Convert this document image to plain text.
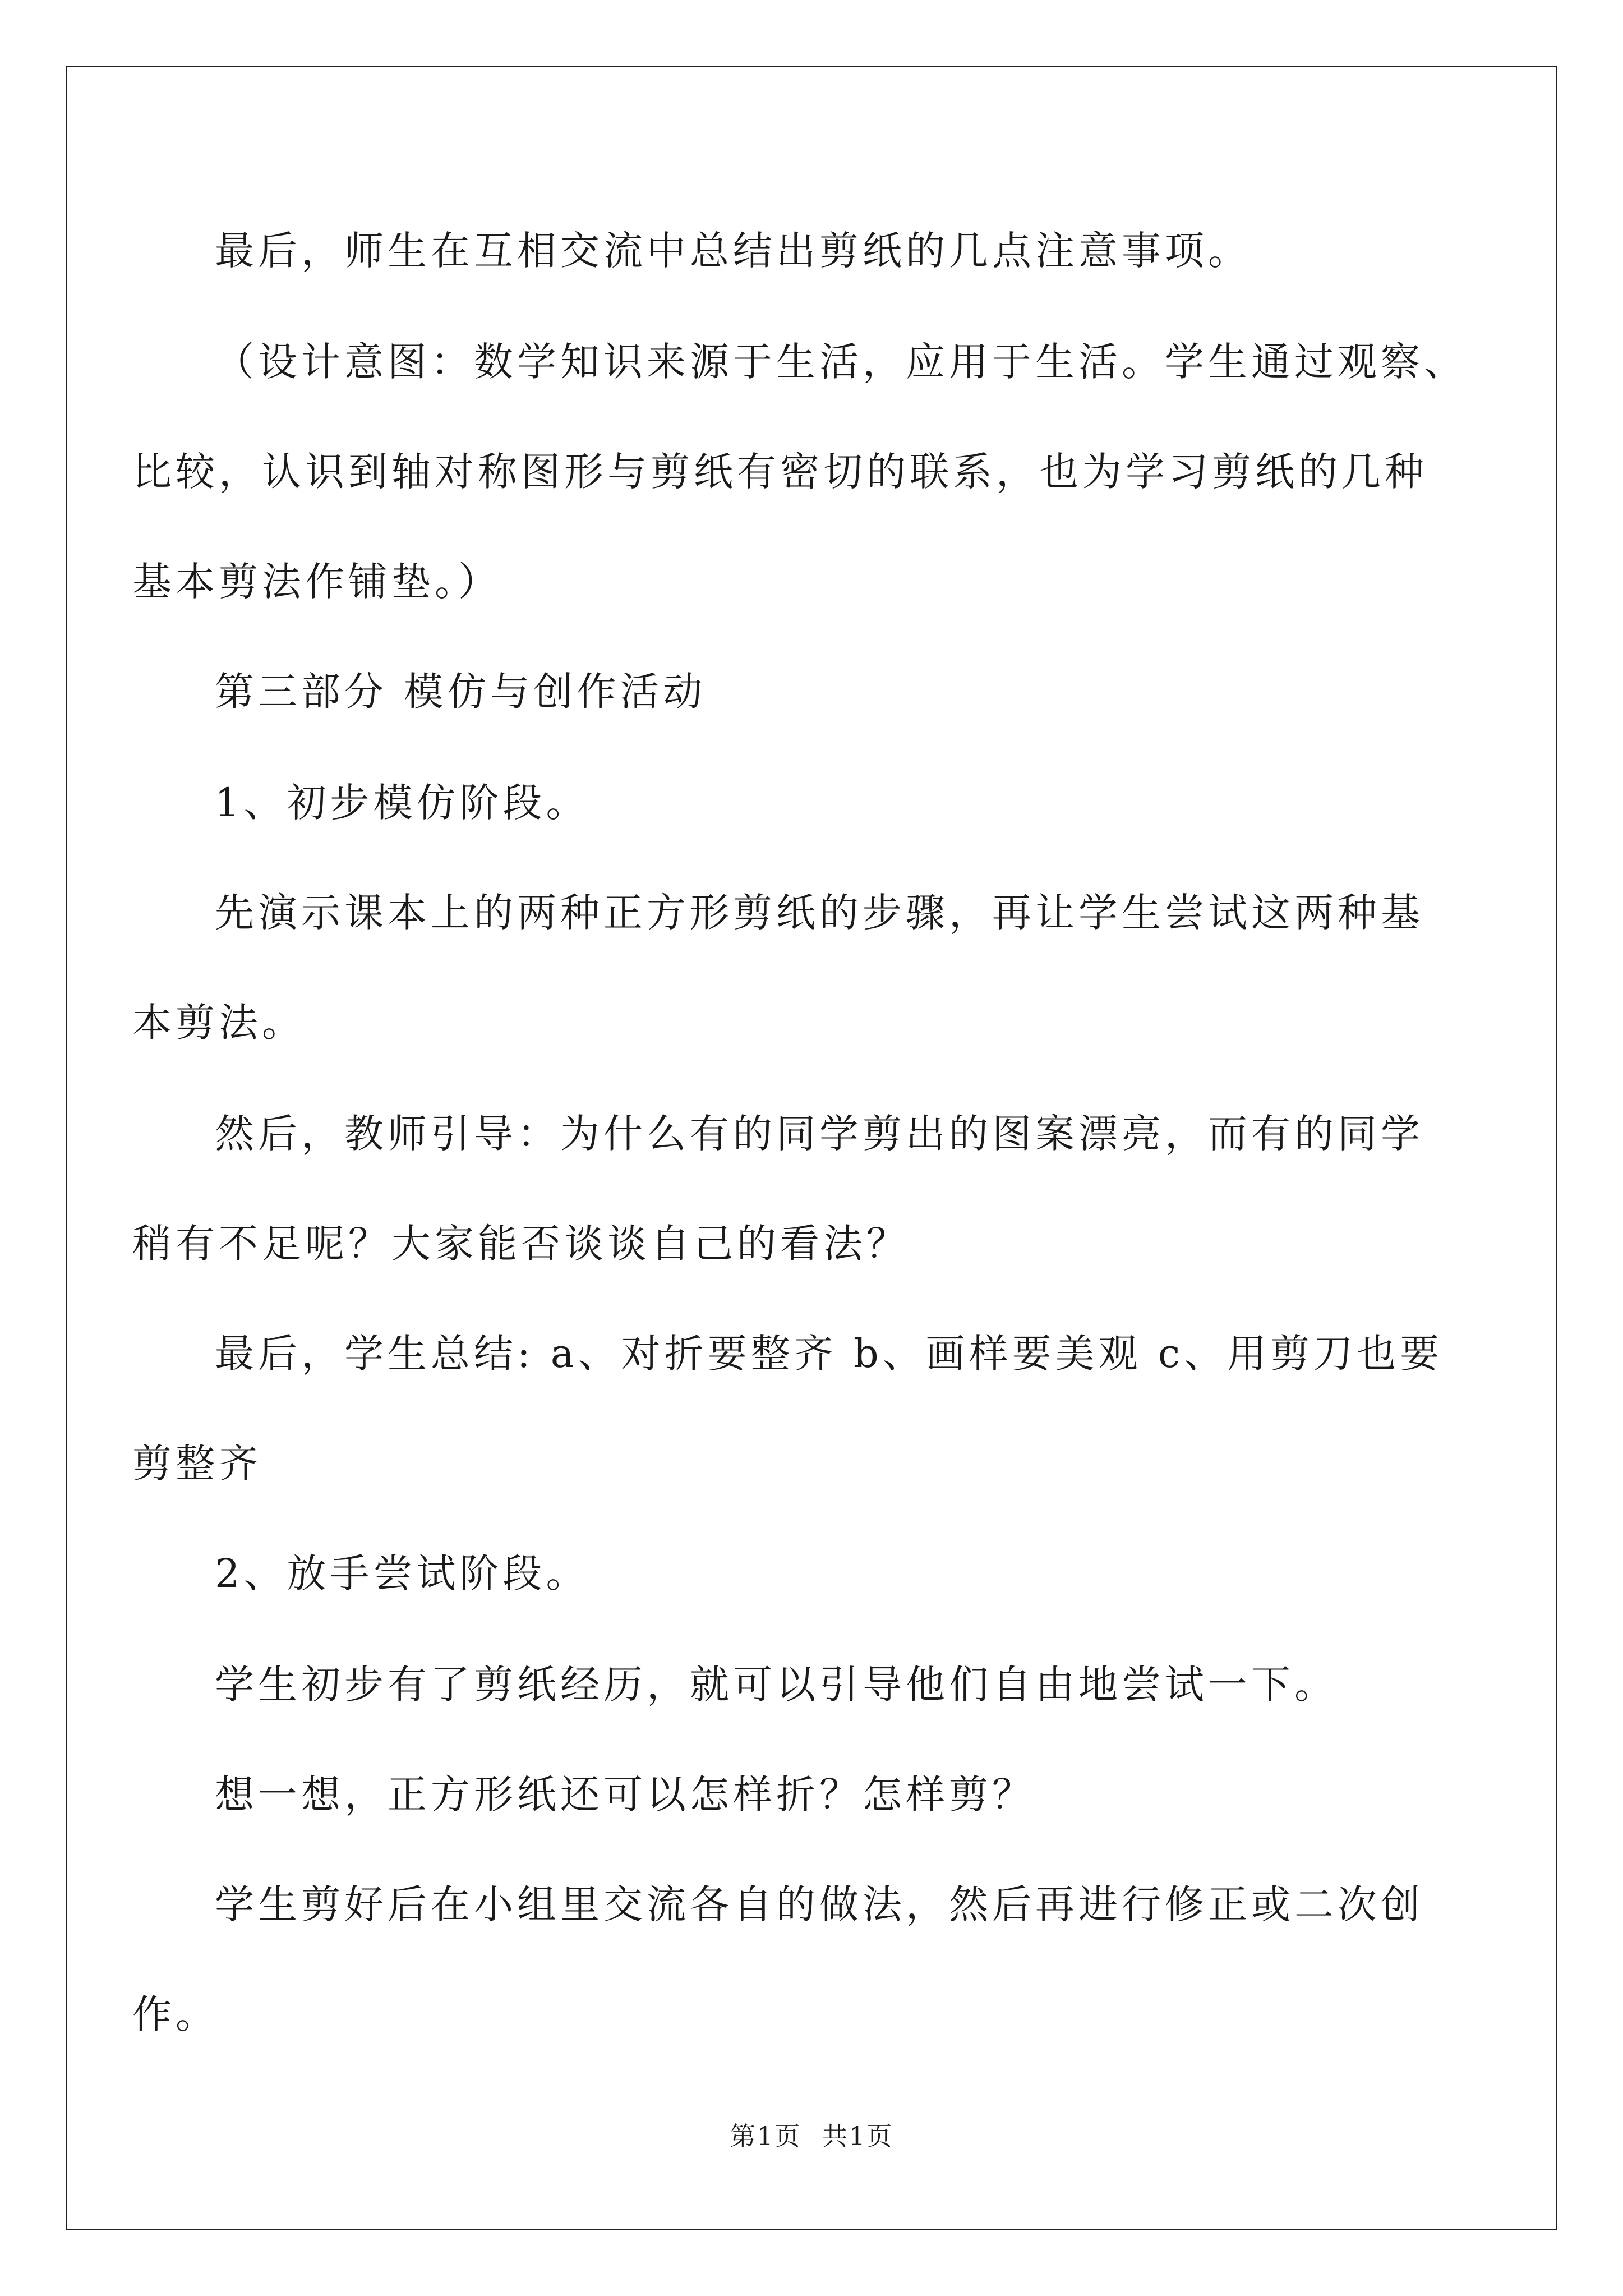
最后，师生在互相交流中总结出剪纸的几点注意事项。
（设计意图：数学知识来源于生活，应用于生活。学生通过观察、
比较，认识到轴对称图形与剪纸有密切的联系，也为学习剪纸的几种
基本剪法作铺垫。）
第三部分 模仿与创作活动
1、初步模仿阶段。
先演示课本上的两种正方形剪纸的步骤，再让学生尝试这两种基
本剪法。
然后，教师引导：为什么有的同学剪出的图案漂亮，而有的同学
稍有不足呢？大家能否谈谈自己的看法？
最后，学生总结: a、对折要整齐 b、画样要美观 c、用剪刀也要
剪整齐
2、放手尝试阶段。
学生初步有了剪纸经历，就可以引导他们自由地尝试一下。
想一想，正方形纸还可以怎样折？怎样剪？
学生剪好后在小组里交流各自的做法，然后再进行修正或二次创
作。
第1页 共1页
